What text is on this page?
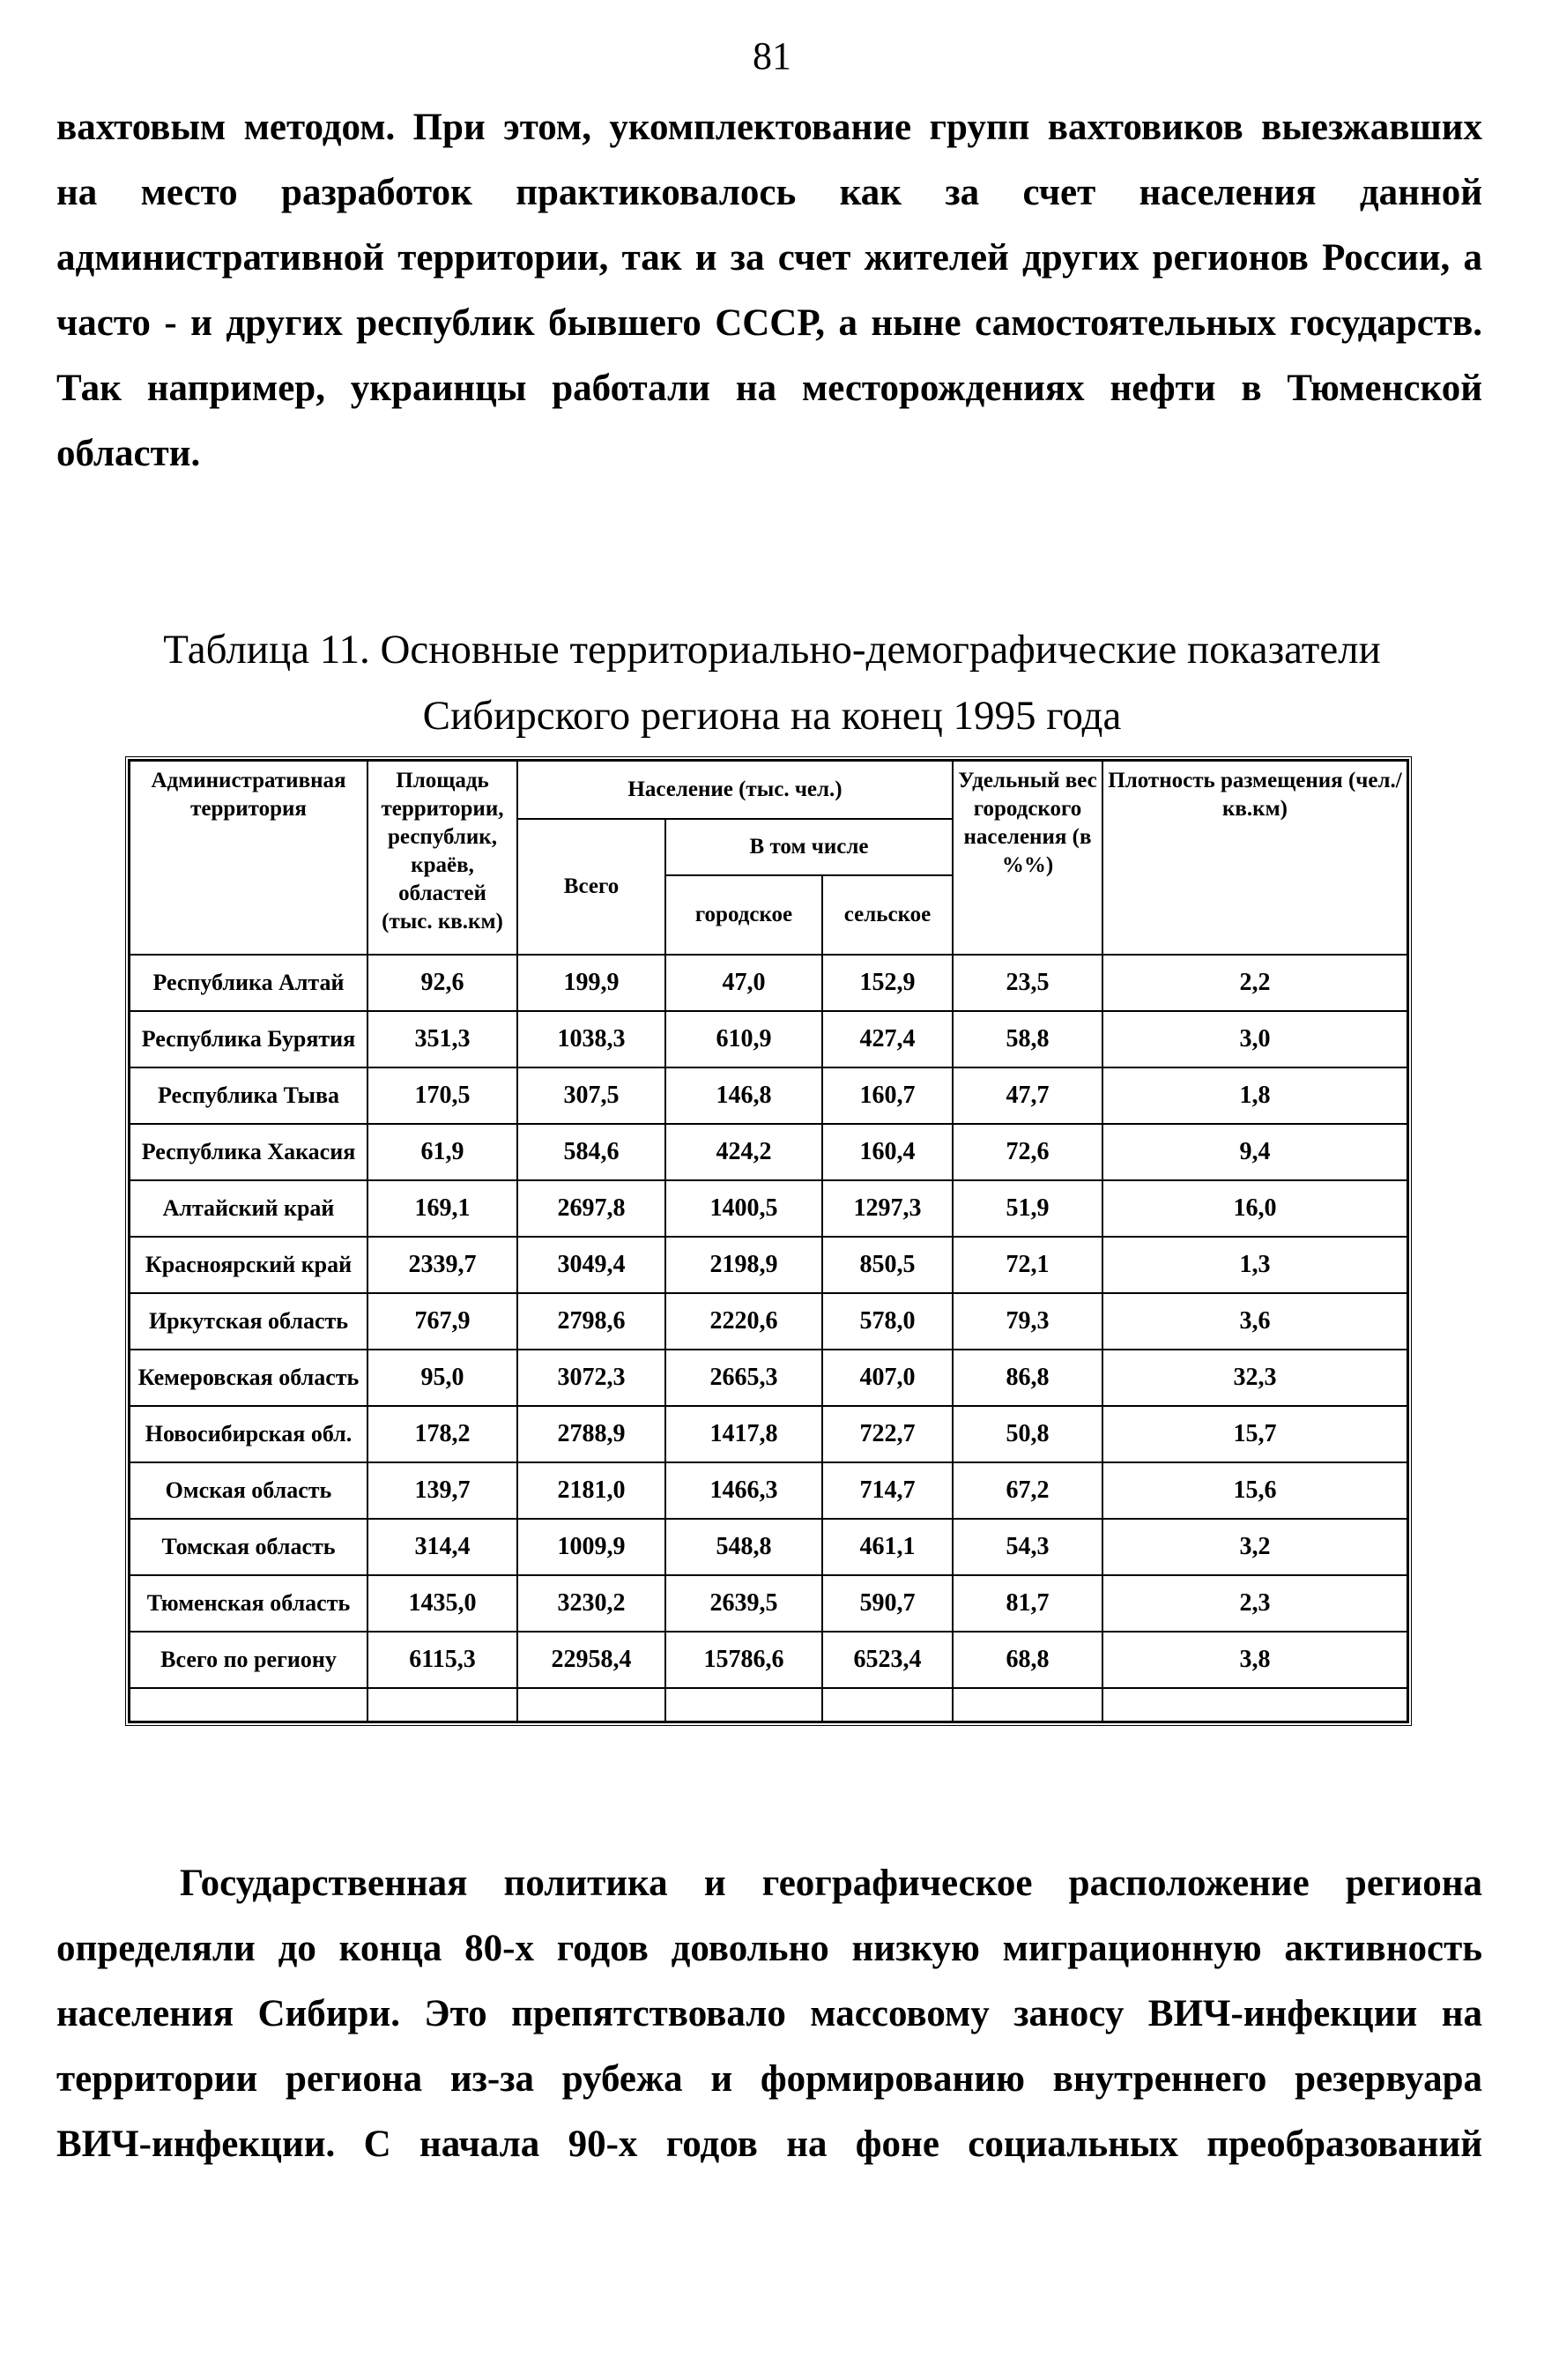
81
вахтовым методом. При этом, укомплектование групп вахтовиков выезжавших
на место разработок практиковалось как за счет населения данной
административной территории, так и за счет жителей других регионов России, а
часто - и других республик бывшего СССР, а ныне самостоятельных государств.
Так например, украинцы работали на месторождениях нефти в Тюменской
области.
Таблица 11. Основные территориально-демографические показатели
Сибирского региона на конец 1995 года
Административная территория	Площадь территории, республик, краёв, областей (тыс. кв.км)	Население (тыс. чел.)			Удельный вес городского населения (в %%)	Плотность размещения (чел./ кв.км)
		Всего	В том числе			
			городское	сельское		
Республика Алтай	92,6	199,9	47,0	152,9	23,5	2,2
Республика Бурятия	351,3	1038,3	610,9	427,4	58,8	3,0
Республика Тыва	170,5	307,5	146,8	160,7	47,7	1,8
Республика Хакасия	61,9	584,6	424,2	160,4	72,6	9,4
Алтайский край	169,1	2697,8	1400,5	1297,3	51,9	16,0
Красноярский край	2339,7	3049,4	2198,9	850,5	72,1	1,3
Иркутская область	767,9	2798,6	2220,6	578,0	79,3	3,6
Кемеровская область	95,0	3072,3	2665,3	407,0	86,8	32,3
Новосибирская обл.	178,2	2788,9	1417,8	722,7	50,8	15,7
Омская область	139,7	2181,0	1466,3	714,7	67,2	15,6
Томская область	314,4	1009,9	548,8	461,1	54,3	3,2
Тюменская область	1435,0	3230,2	2639,5	590,7	81,7	2,3
Всего по региону	6115,3	22958,4	15786,6	6523,4	68,8	3,8

Государственная политика и географическое расположение региона
определяли до конца 80-х годов довольно низкую миграционную активность
населения Сибири. Это препятствовало массовому заносу ВИЧ-инфекции на
территории региона из-за рубежа и формированию внутреннего резервуара
ВИЧ-инфекции. С начала 90-х годов на фоне социальных преобразований
